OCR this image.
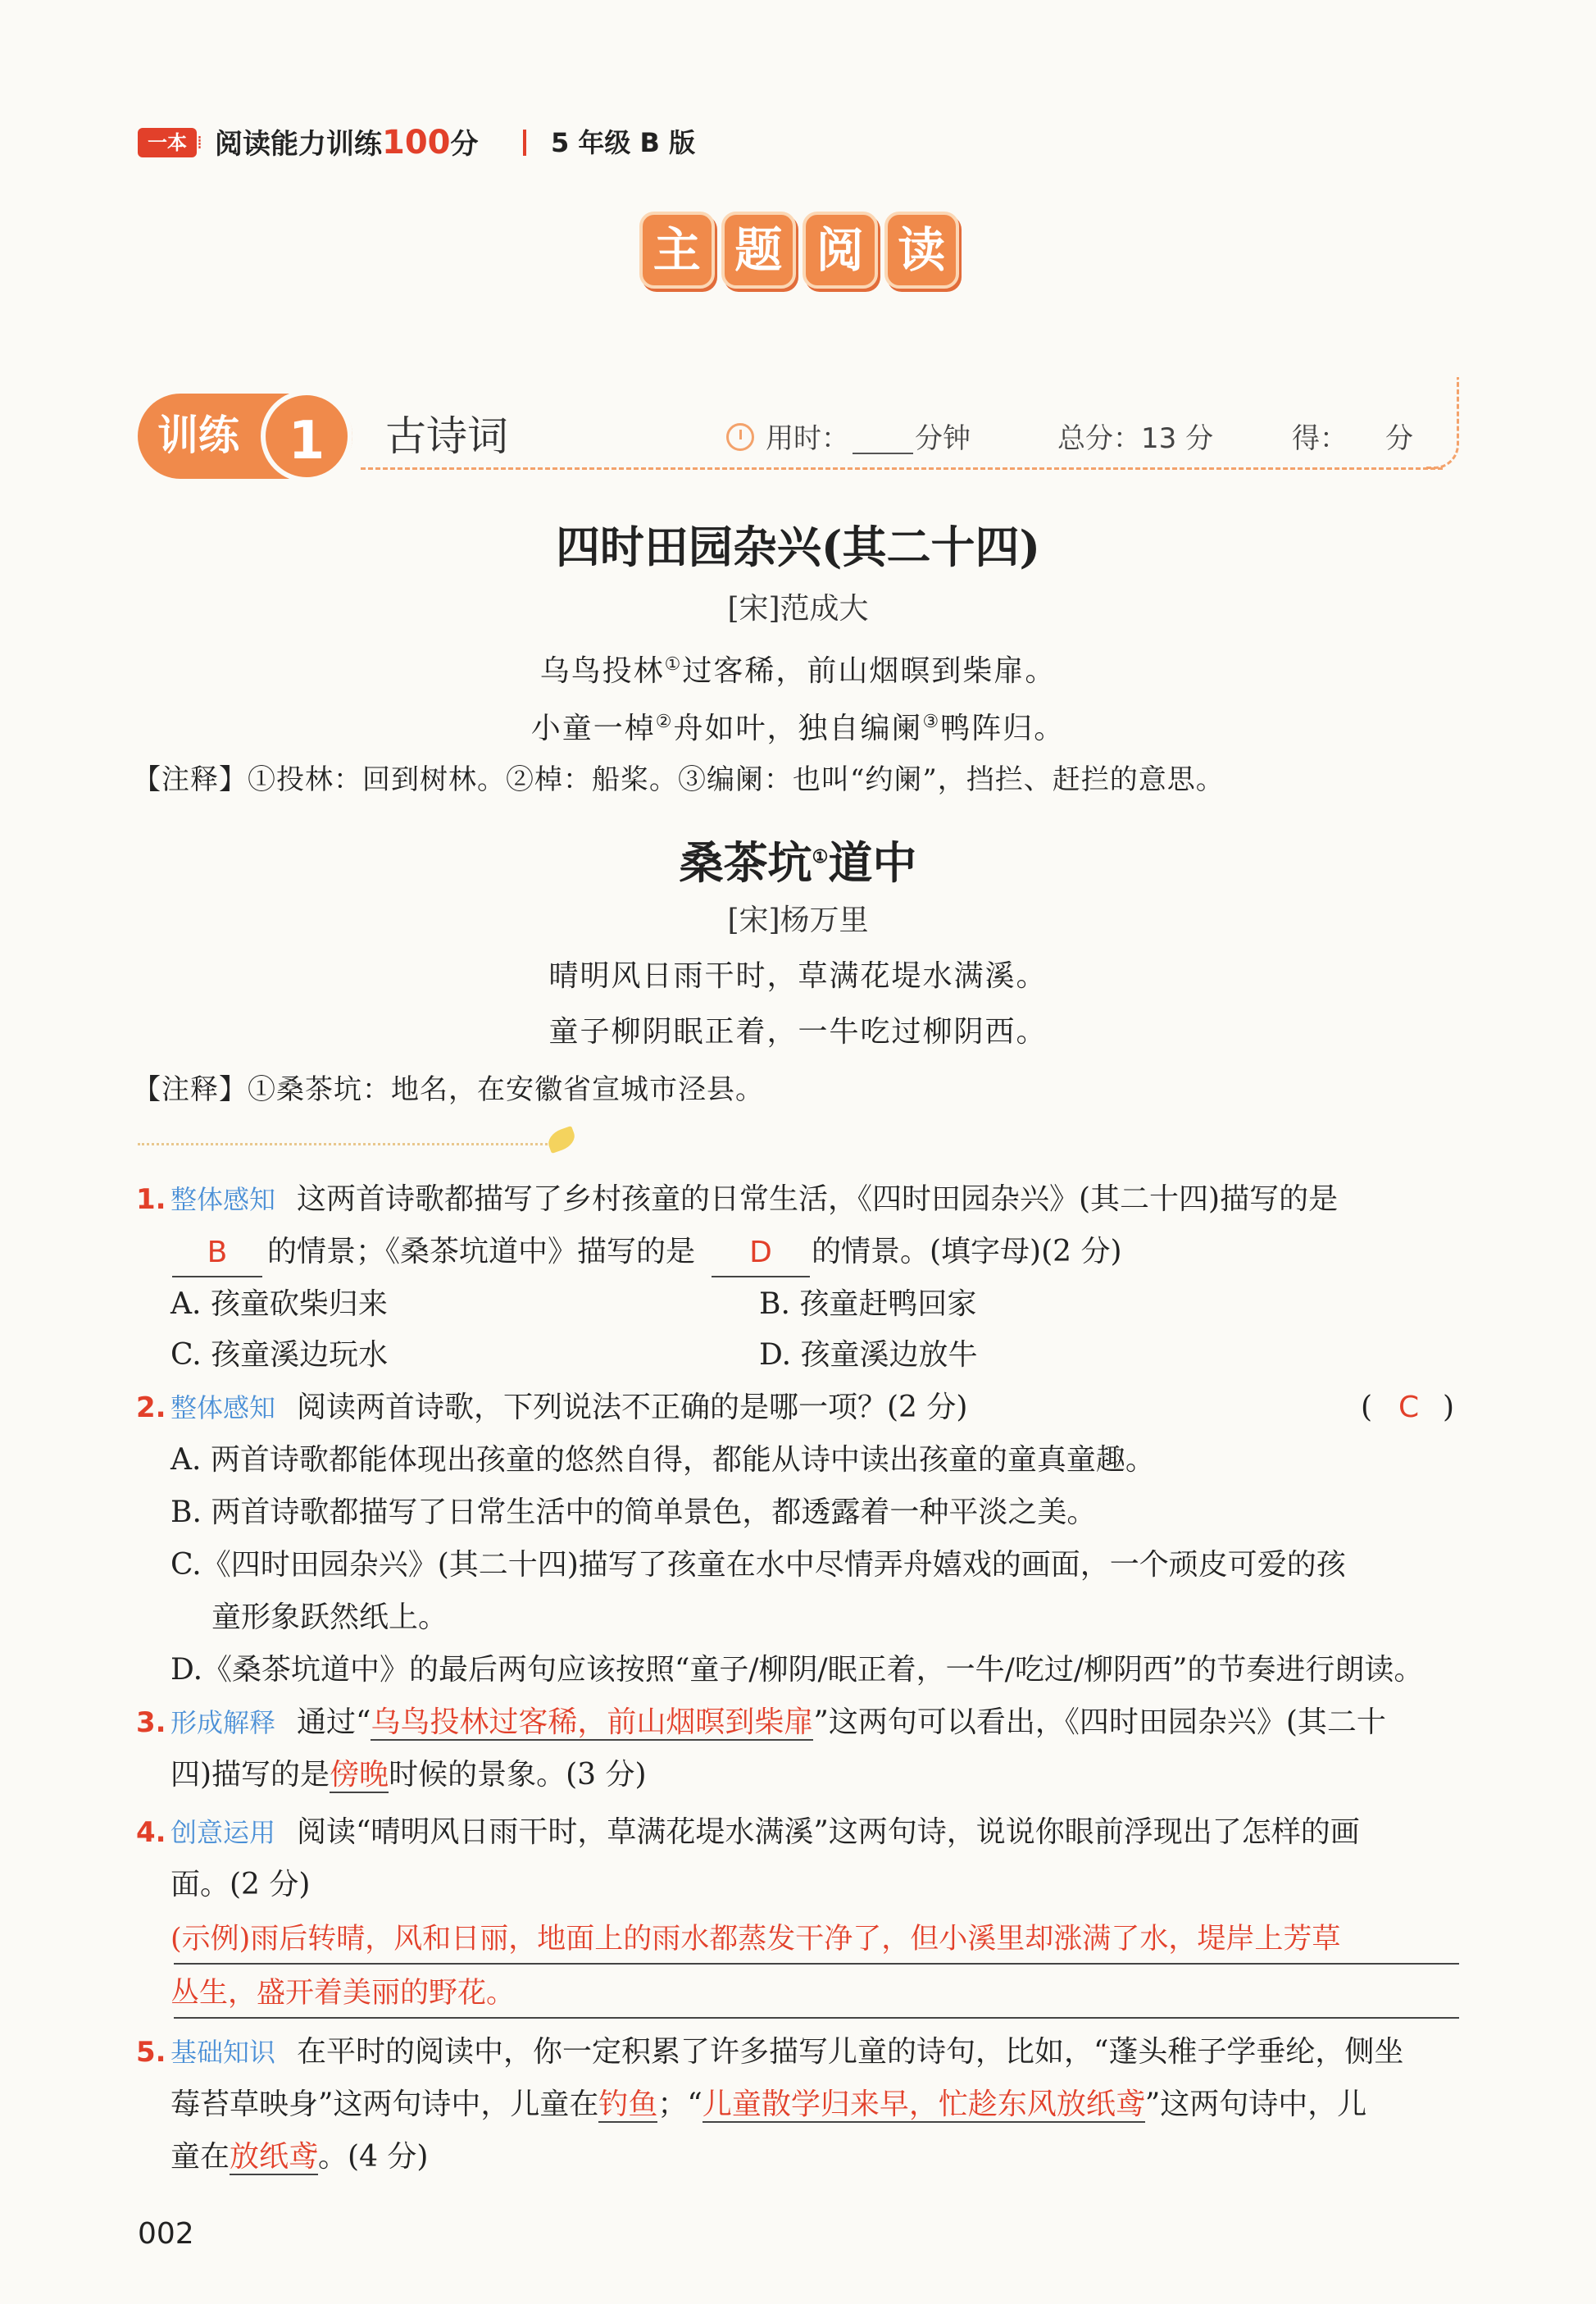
一本 ⁞ 阅读能力训练100分	5 年级 B 版
主 题 阅 读
训练 1	古诗词	用时： 分钟	总分：13 分	得： 分
四时田园杂兴(其二十四)
[宋]范成大
乌鸟投林①过客稀，前山烟暝到柴扉。
小童一棹②舟如叶，独自编阑③鸭阵归。
【注释】①投林：回到树林。②棹：船桨。③编阑：也叫“约阑”，挡拦、赶拦的意思。
桑茶坑①道中
[宋]杨万里
晴明风日雨干时，草满花堤水满溪。
童子柳阴眠正着，一牛吃过柳阴西。
【注释】①桑茶坑：地名，在安徽省宣城市泾县。
1. 整体感知 这两首诗歌都描写了乡村孩童的日常生活，《四时田园杂兴》(其二十四)描写的是
B	的情景；《桑茶坑道中》描写的是	D	的情景。(填字母)(2 分)
A. 孩童砍柴归来	B. 孩童赶鸭回家
C. 孩童溪边玩水	D. 孩童溪边放牛
2. 整体感知 阅读两首诗歌，下列说法不正确的是哪一项？(2 分)	( C )
A. 两首诗歌都能体现出孩童的悠然自得，都能从诗中读出孩童的童真童趣。
B. 两首诗歌都描写了日常生活中的简单景色，都透露着一种平淡之美。
C.《四时田园杂兴》(其二十四)描写了孩童在水中尽情弄舟嬉戏的画面，一个顽皮可爱的孩
童形象跃然纸上。
D.《桑茶坑道中》的最后两句应该按照“童子/柳阴/眠正着，一牛/吃过/柳阴西”的节奏进行朗读。
3. 形成解释 通过“乌鸟投林过客稀，前山烟暝到柴扉”这两句可以看出，《四时田园杂兴》(其二十
四)描写的是傍晚时候的景象。(3 分)
4. 创意运用 阅读“晴明风日雨干时，草满花堤水满溪”这两句诗，说说你眼前浮现出了怎样的画
面。(2 分)
(示例)雨后转晴，风和日丽，地面上的雨水都蒸发干净了，但小溪里却涨满了水，堤岸上芳草
丛生，盛开着美丽的野花。
5. 基础知识 在平时的阅读中，你一定积累了许多描写儿童的诗句，比如，“蓬头稚子学垂纶，侧坐
莓苔草映身”这两句诗中，儿童在钓鱼；“儿童散学归来早，忙趁东风放纸鸢”这两句诗中，儿
童在放纸鸢。(4 分)
002
